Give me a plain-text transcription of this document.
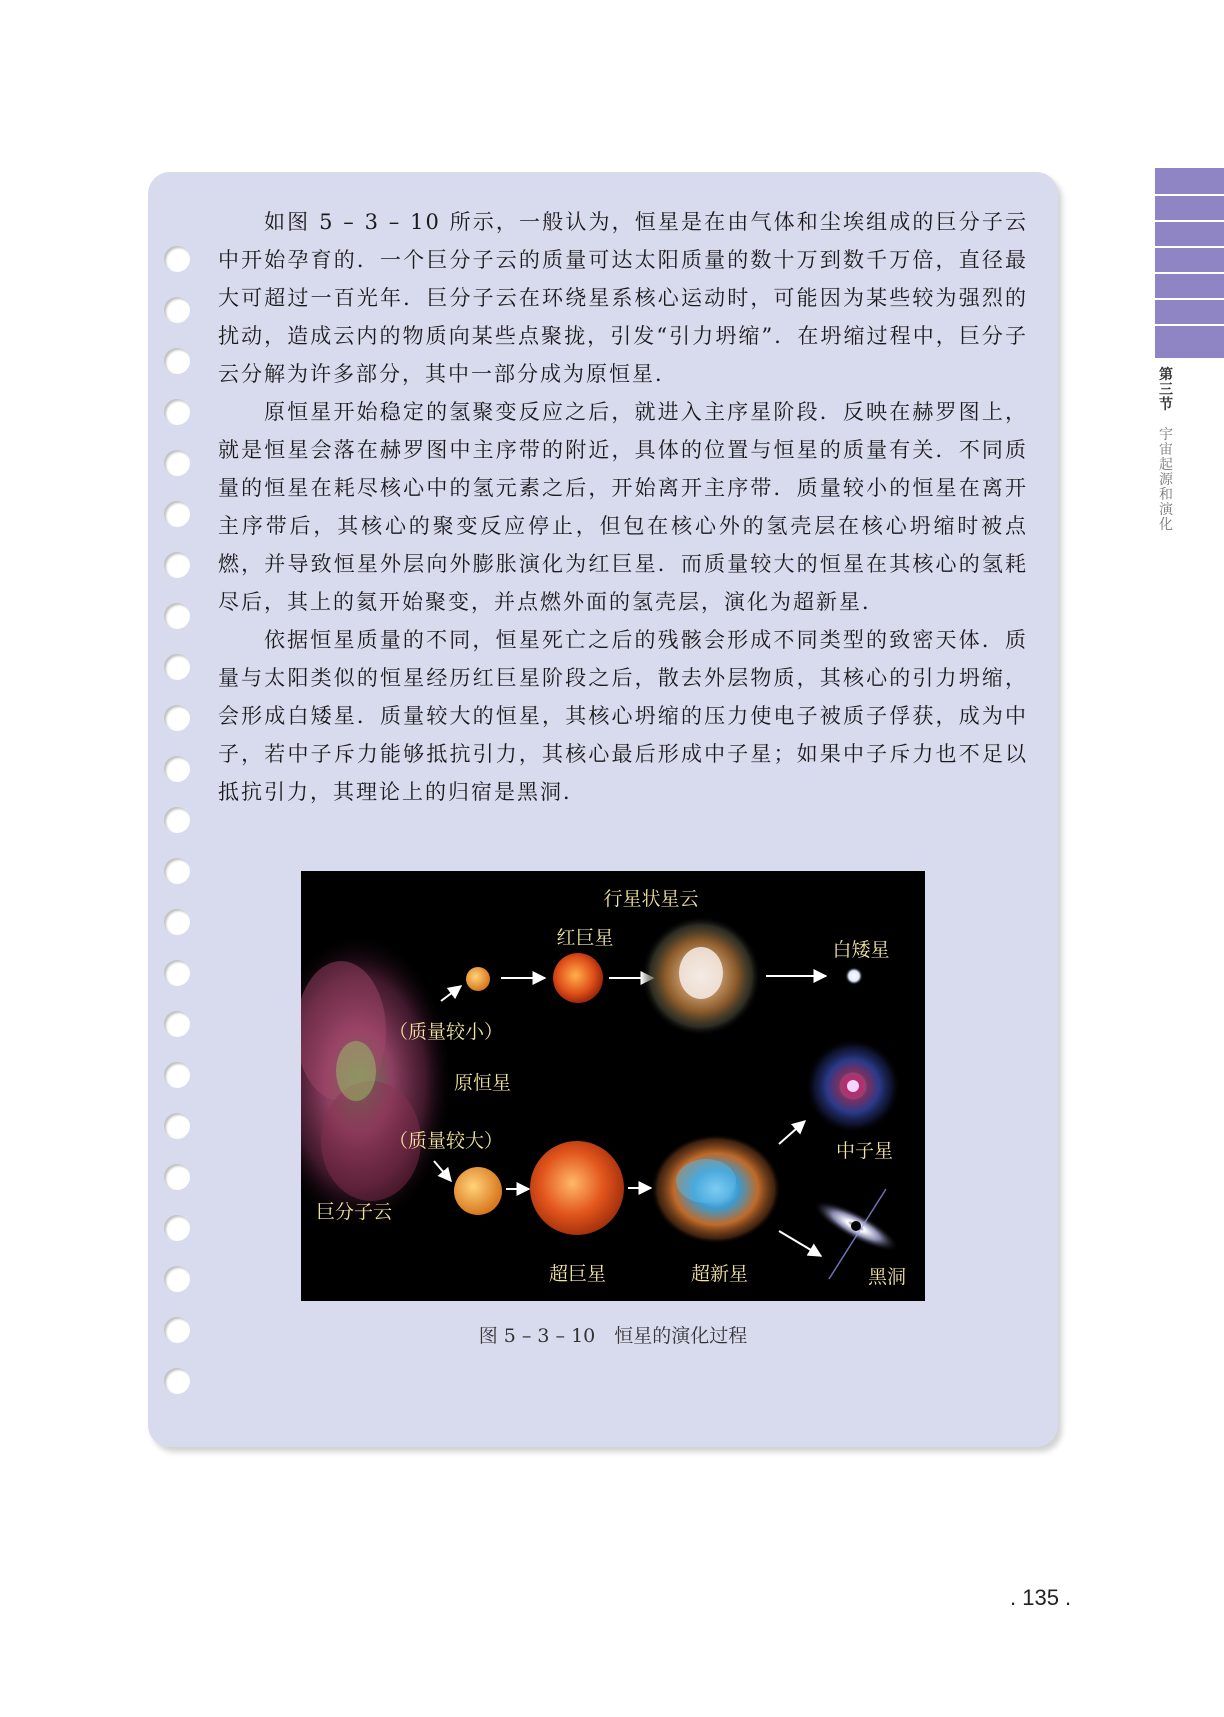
第三节
宇宙起源和演化

如图 5 – 3 – 10 所示，一般认为，恒星是在由气体和尘埃组成的巨分子云中开始孕育的．一个巨分子云的质量可达太阳质量的数十万到数千万倍，直径最大可超过一百光年．巨分子云在环绕星系核心运动时，可能因为某些较为强烈的扰动，造成云内的物质向某些点聚拢，引发“引力坍缩”．在坍缩过程中，巨分子云分解为许多部分，其中一部分成为原恒星．

原恒星开始稳定的氢聚变反应之后，就进入主序星阶段．反映在赫罗图上，就是恒星会落在赫罗图中主序带的附近，具体的位置与恒星的质量有关．不同质量的恒星在耗尽核心中的氢元素之后，开始离开主序带．质量较小的恒星在离开主序带后，其核心的聚变反应停止，但包在核心外的氢壳层在核心坍缩时被点燃，并导致恒星外层向外膨胀演化为红巨星．而质量较大的恒星在其核心的氢耗尽后，其上的氦开始聚变，并点燃外面的氢壳层，演化为超新星．

依据恒星质量的不同，恒星死亡之后的残骸会形成不同类型的致密天体．质量与太阳类似的恒星经历红巨星阶段之后，散去外层物质，其核心的引力坍缩，会形成白矮星．质量较大的恒星，其核心坍缩的压力使电子被质子俘获，成为中子，若中子斥力能够抵抗引力，其核心最后形成中子星；如果中子斥力也不足以抵抗引力，其理论上的归宿是黑洞．

行星状星云
红巨星
白矮星
（质量较小）
原恒星
（质量较大）	中子星
巨分子云
超巨星	超新星	黑洞
图 5 – 3 – 10　恒星的演化过程
. 135 .
